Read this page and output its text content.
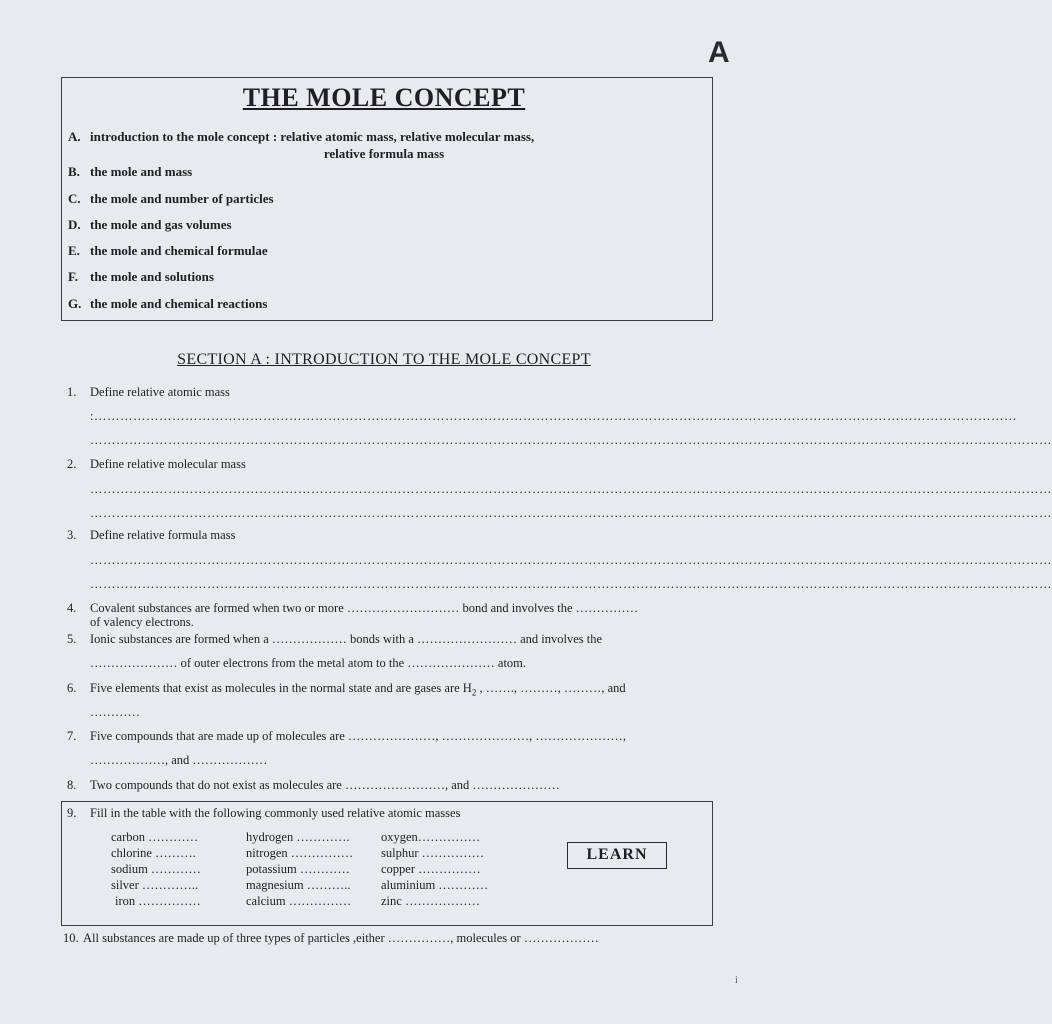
A
THE MOLE CONCEPT
A. introduction to the mole concept : relative atomic mass, relative molecular mass,
relative formula mass
B. the mole and mass
C. the mole and number of particles
D. the mole and gas volumes
E. the mole and chemical formulae
F. the mole and solutions
G. the mole and chemical reactions
SECTION A : INTRODUCTION TO THE MOLE CONCEPT
1. Define relative atomic mass
:……………………………………………………………………………………………………………………………………………………………………………………………
……………………………………………………………………………………………………………………………………………………………………………………………………
2. Define relative molecular mass
……………………………………………………………………………………………………………………………………………………………………………………………………
……………………………………………………………………………………………………………………………………………………………………………………………………
3. Define relative formula mass
……………………………………………………………………………………………………………………………………………………………………………………………………
……………………………………………………………………………………………………………………………………………………………………………………………………
4. Covalent substances are formed when two or more ……………………… bond and involves the ……………
of valency electrons.
5. Ionic substances are formed when a ……………… bonds with a …………………… and involves the
………………… of outer electrons from the metal atom to the ………………… atom.
6. Five elements that exist as molecules in the normal state and are gases are $H_2$ , ……., ………, ………, and
…………
7. Five compounds that are made up of molecules are …………………, …………………, …………………,
………………, and ………………
8. Two compounds that do not exist as molecules are ……………………, and …………………
9. Fill in the table with the following commonly used relative atomic masses
carbon …………
chlorine ……….
sodium …………
silver …………..
iron ……………
hydrogen ………….
nitrogen ……………
potassium …………
magnesium ………..
calcium ……………
oxygen……………
sulphur ……………
copper ……………
aluminium …………
zinc ………………
LEARN
10. All substances are made up of three types of particles ,either ……………, molecules or ………………
i
